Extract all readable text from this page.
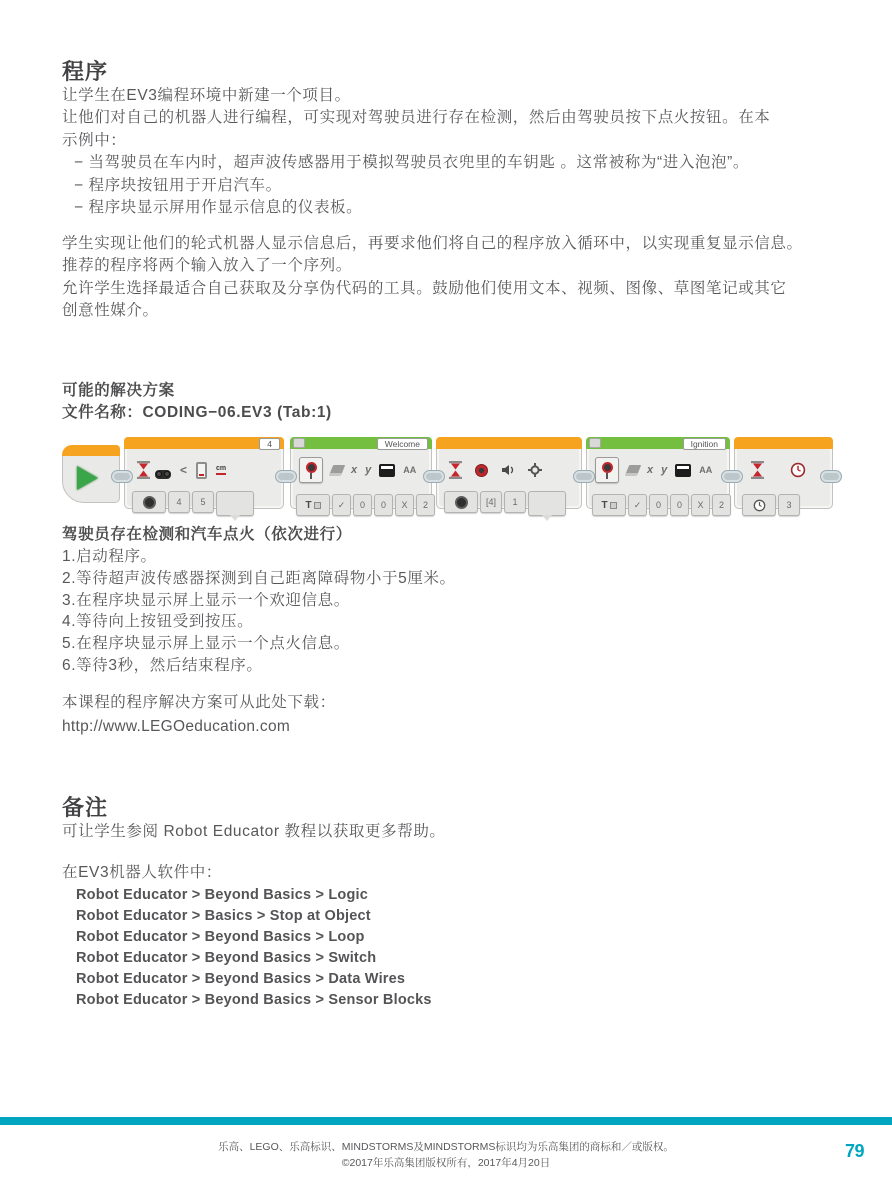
程序
让学生在EV3编程环境中新建一个项目。
让他们对自己的机器人进行编程，可实现对驾驶员进行存在检测，然后由驾驶员按下点火按钮。在本
示例中：
− 当驾驶员在车内时，超声波传感器用于模拟驾驶员衣兜里的车钥匙 。这常被称为“进入泡泡”。
− 程序块按钮用于开启汽车。
− 程序块显示屏用作显示信息的仪表板。
学生实现让他们的轮式机器人显示信息后，再要求他们将自己的程序放入循环中，以实现重复显示信息。
推荐的程序将两个输入放入了一个序列。
允许学生选择最适合自己获取及分享伪代码的工具。鼓励他们使用文本、视频、图像、草图笔记或其它
创意性媒介。
可能的解决方案
文件名称：CODING−06.EV3 (Tab:1)
4
<	cm
4	5
Welcome
x y	AA
T	✓	0	0	X	2	[4]	1
Ignition
x y	AA
T	✓	0	0	X	2	3
驾驶员存在检测和汽车点火（依次进行）
1.启动程序。
2.等待超声波传感器探测到自己距离障碍物小于5厘米。
3.在程序块显示屏上显示一个欢迎信息。
4.等待向上按钮受到按压。
5.在程序块显示屏上显示一个点火信息。
6.等待3秒，然后结束程序。
本课程的程序解决方案可从此处下载：
http://www.LEGOeducation.com
备注
可让学生参阅 Robot Educator 教程以获取更多帮助。
在EV3机器人软件中：
Robot Educator > Beyond Basics > Logic
Robot Educator > Basics > Stop at Object
Robot Educator > Beyond Basics > Loop
Robot Educator > Beyond Basics > Switch
Robot Educator > Beyond Basics > Data Wires
Robot Educator > Beyond Basics > Sensor Blocks
乐高、LEGO、乐高标识、MINDSTORMS及MINDSTORMS标识均为乐高集团的商标和／或版权。
©2017年乐高集团版权所有，2017年4月20日
79
